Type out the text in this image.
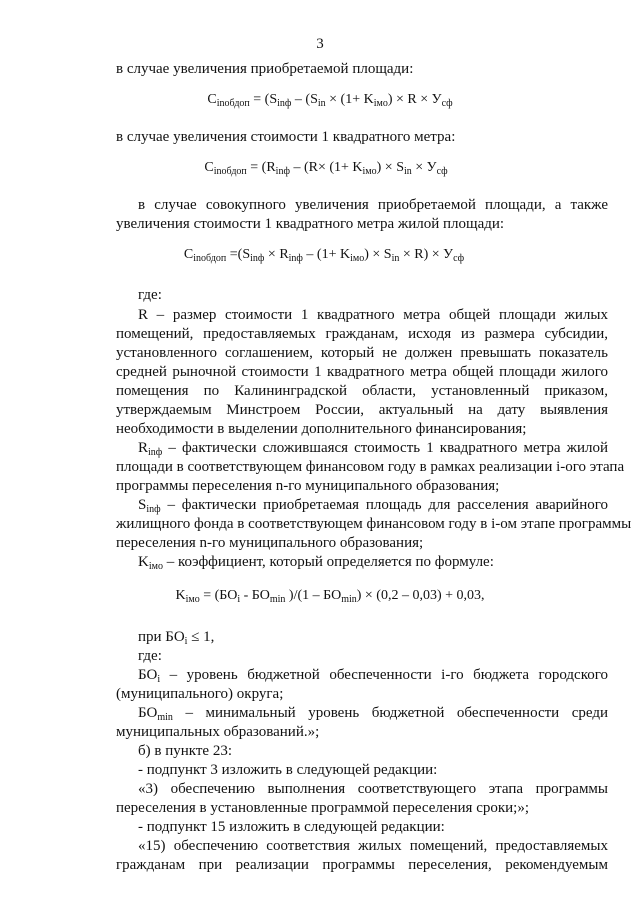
3
в случае увеличения приобретаемой площади:
$C_{inобдоп} = (S_{inф} - (S_{in} \times (1+ K_{iмо}) \times R \times У_{сф}$
в случае увеличения стоимости 1 квадратного метра:
$C_{inобдоп} = (R_{inф} - (R\times (1+ K_{iмо}) \times S_{in} \times У_{сф}$
в случае совокупного увеличения приобретаемой площади, а также
увеличения стоимости 1 квадратного метра жилой площади:
$C_{inобдоп} =(S_{inф} \times R_{inф} - (1+ K_{iмо}) \times S_{in} \times R) \times У_{сф}$
где:
R – размер стоимости 1 квадратного метра общей площади жилых
помещений, предоставляемых гражданам, исходя из размера субсидии,
установленного соглашением, который не должен превышать показатель
средней рыночной стоимости 1 квадратного метра общей площади жилого
помещения по Калининградской области, установленный приказом,
утверждаемым Минстроем России, актуальный на дату выявления
необходимости в выделении дополнительного финансирования;
$R_{inф}$ – фактически сложившаяся стоимость 1 квадратного метра жилой
площади в соответствующем финансовом году в рамках реализации i-ого этапа
программы переселения n-го муниципального образования;
$S_{inф}$ – фактически приобретаемая площадь для расселения аварийного
жилищного фонда в соответствующем финансовом году в i-ом этапе программы
переселения n-го муниципального образования;
$K_{iмо}$ – коэффициент, который определяется по формуле:
$K_{iмо} = (БО_i - БО_{min}$ )$/(1 - БО_{min}) \times (0,2 - 0,03) + 0,03$,
при $БО_i \le 1$,
где:
$БО_i$ – уровень бюджетной обеспеченности i-го бюджета городского
(муниципального) округа;
$БО_{min}$ – минимальный уровень бюджетной обеспеченности среди
муниципальных образований.»;
б) в пункте 23:
- подпункт 3 изложить в следующей редакции:
«3) обеспечению выполнения соответствующего этапа программы
переселения в установленные программой переселения сроки;»;
- подпункт 15 изложить в следующей редакции:
«15) обеспечению соответствия жилых помещений, предоставляемых
гражданам при реализации программы переселения, рекомендуемым
